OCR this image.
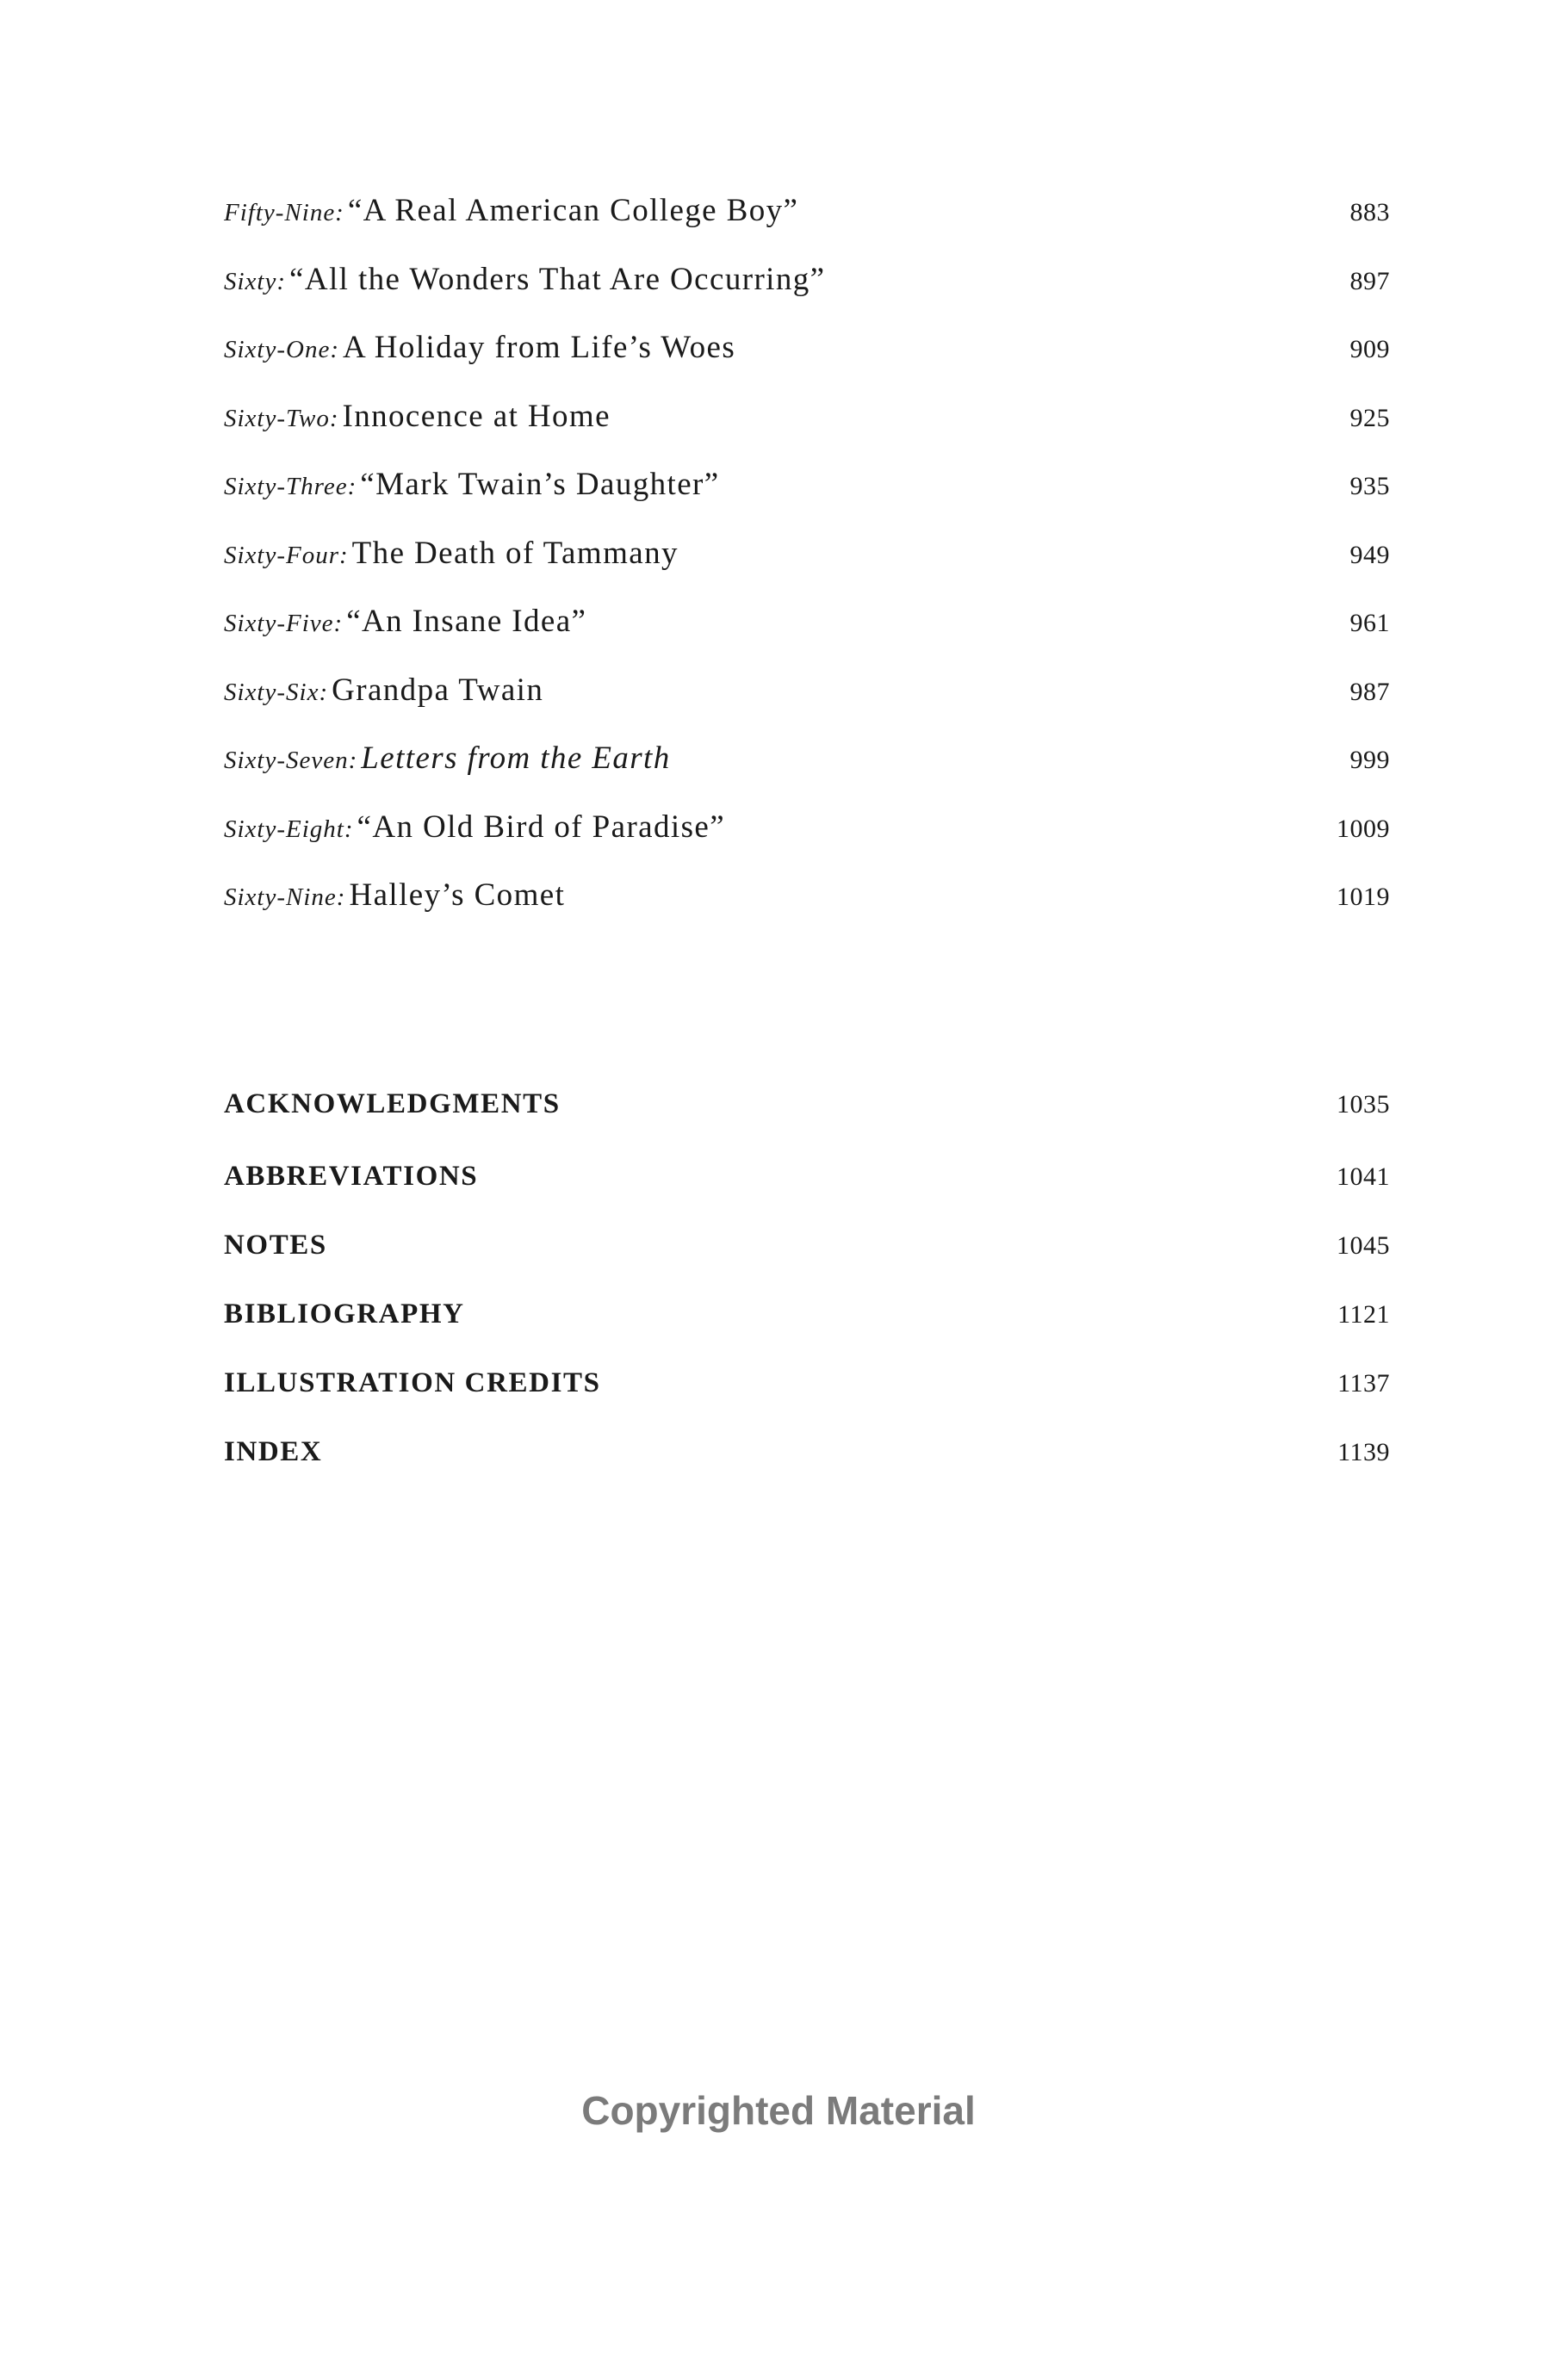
Fifty-Nine: “A Real American College Boy”	883
Sixty: “All the Wonders That Are Occurring”	897
Sixty-One: A Holiday from Life’s Woes	909
Sixty-Two: Innocence at Home	925
Sixty-Three: “Mark Twain’s Daughter”	935
Sixty-Four: The Death of Tammany	949
Sixty-Five: “An Insane Idea”	961
Sixty-Six: Grandpa Twain	987
Sixty-Seven: Letters from the Earth	999
Sixty-Eight: “An Old Bird of Paradise”	1009
Sixty-Nine: Halley’s Comet	1019
ACKNOWLEDGMENTS	1035
ABBREVIATIONS	1041
NOTES	1045
BIBLIOGRAPHY	1121
ILLUSTRATION CREDITS	1137
INDEX	1139
Copyrighted Material
